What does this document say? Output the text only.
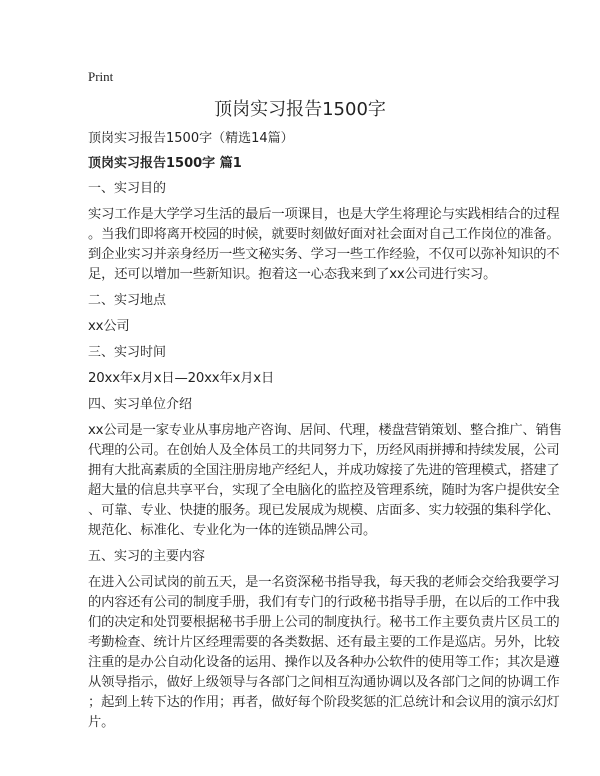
Print
顶岗实习报告1500字
顶岗实习报告1500字（精选14篇）
顶岗实习报告1500字 篇1
一、实习目的
实习工作是大学学习生活的最后一项课目，也是大学生将理论与实践相结合的过程
。当我们即将离开校园的时候，就要时刻做好面对社会面对自己工作岗位的准备。
到企业实习并亲身经历一些文秘实务、学习一些工作经验，不仅可以弥补知识的不
足，还可以增加一些新知识。抱着这一心态我来到了xx公司进行实习。
二、实习地点
xx公司
三、实习时间
20xx年x月x日—20xx年x月x日
四、实习单位介绍
xx公司是一家专业从事房地产咨询、居间、代理，楼盘营销策划、整合推广、销售
代理的公司。在创始人及全体员工的共同努力下，历经风雨拼搏和持续发展，公司
拥有大批高素质的全国注册房地产经纪人，并成功嫁接了先进的管理模式，搭建了
超大量的信息共享平台，实现了全电脑化的监控及管理系统，随时为客户提供安全
、可靠、专业、快捷的服务。现已发展成为规模、店面多、实力较强的集科学化、
规范化、标准化、专业化为一体的连锁品牌公司。
五、实习的主要内容
在进入公司试岗的前五天，是一名资深秘书指导我，每天我的老师会交给我要学习
的内容还有公司的制度手册，我们有专门的行政秘书指导手册，在以后的工作中我
们的决定和处罚要根据秘书手册上公司的制度执行。秘书工作主要负责片区员工的
考勤检查、统计片区经理需要的各类数据、还有最主要的工作是巡店。另外，比较
注重的是办公自动化设备的运用、操作以及各种办公软件的使用等工作；其次是遵
从领导指示，做好上级领导与各部门之间相互沟通协调以及各部门之间的协调工作
；起到上转下达的作用；再者，做好每个阶段奖惩的汇总统计和会议用的演示幻灯
片。
